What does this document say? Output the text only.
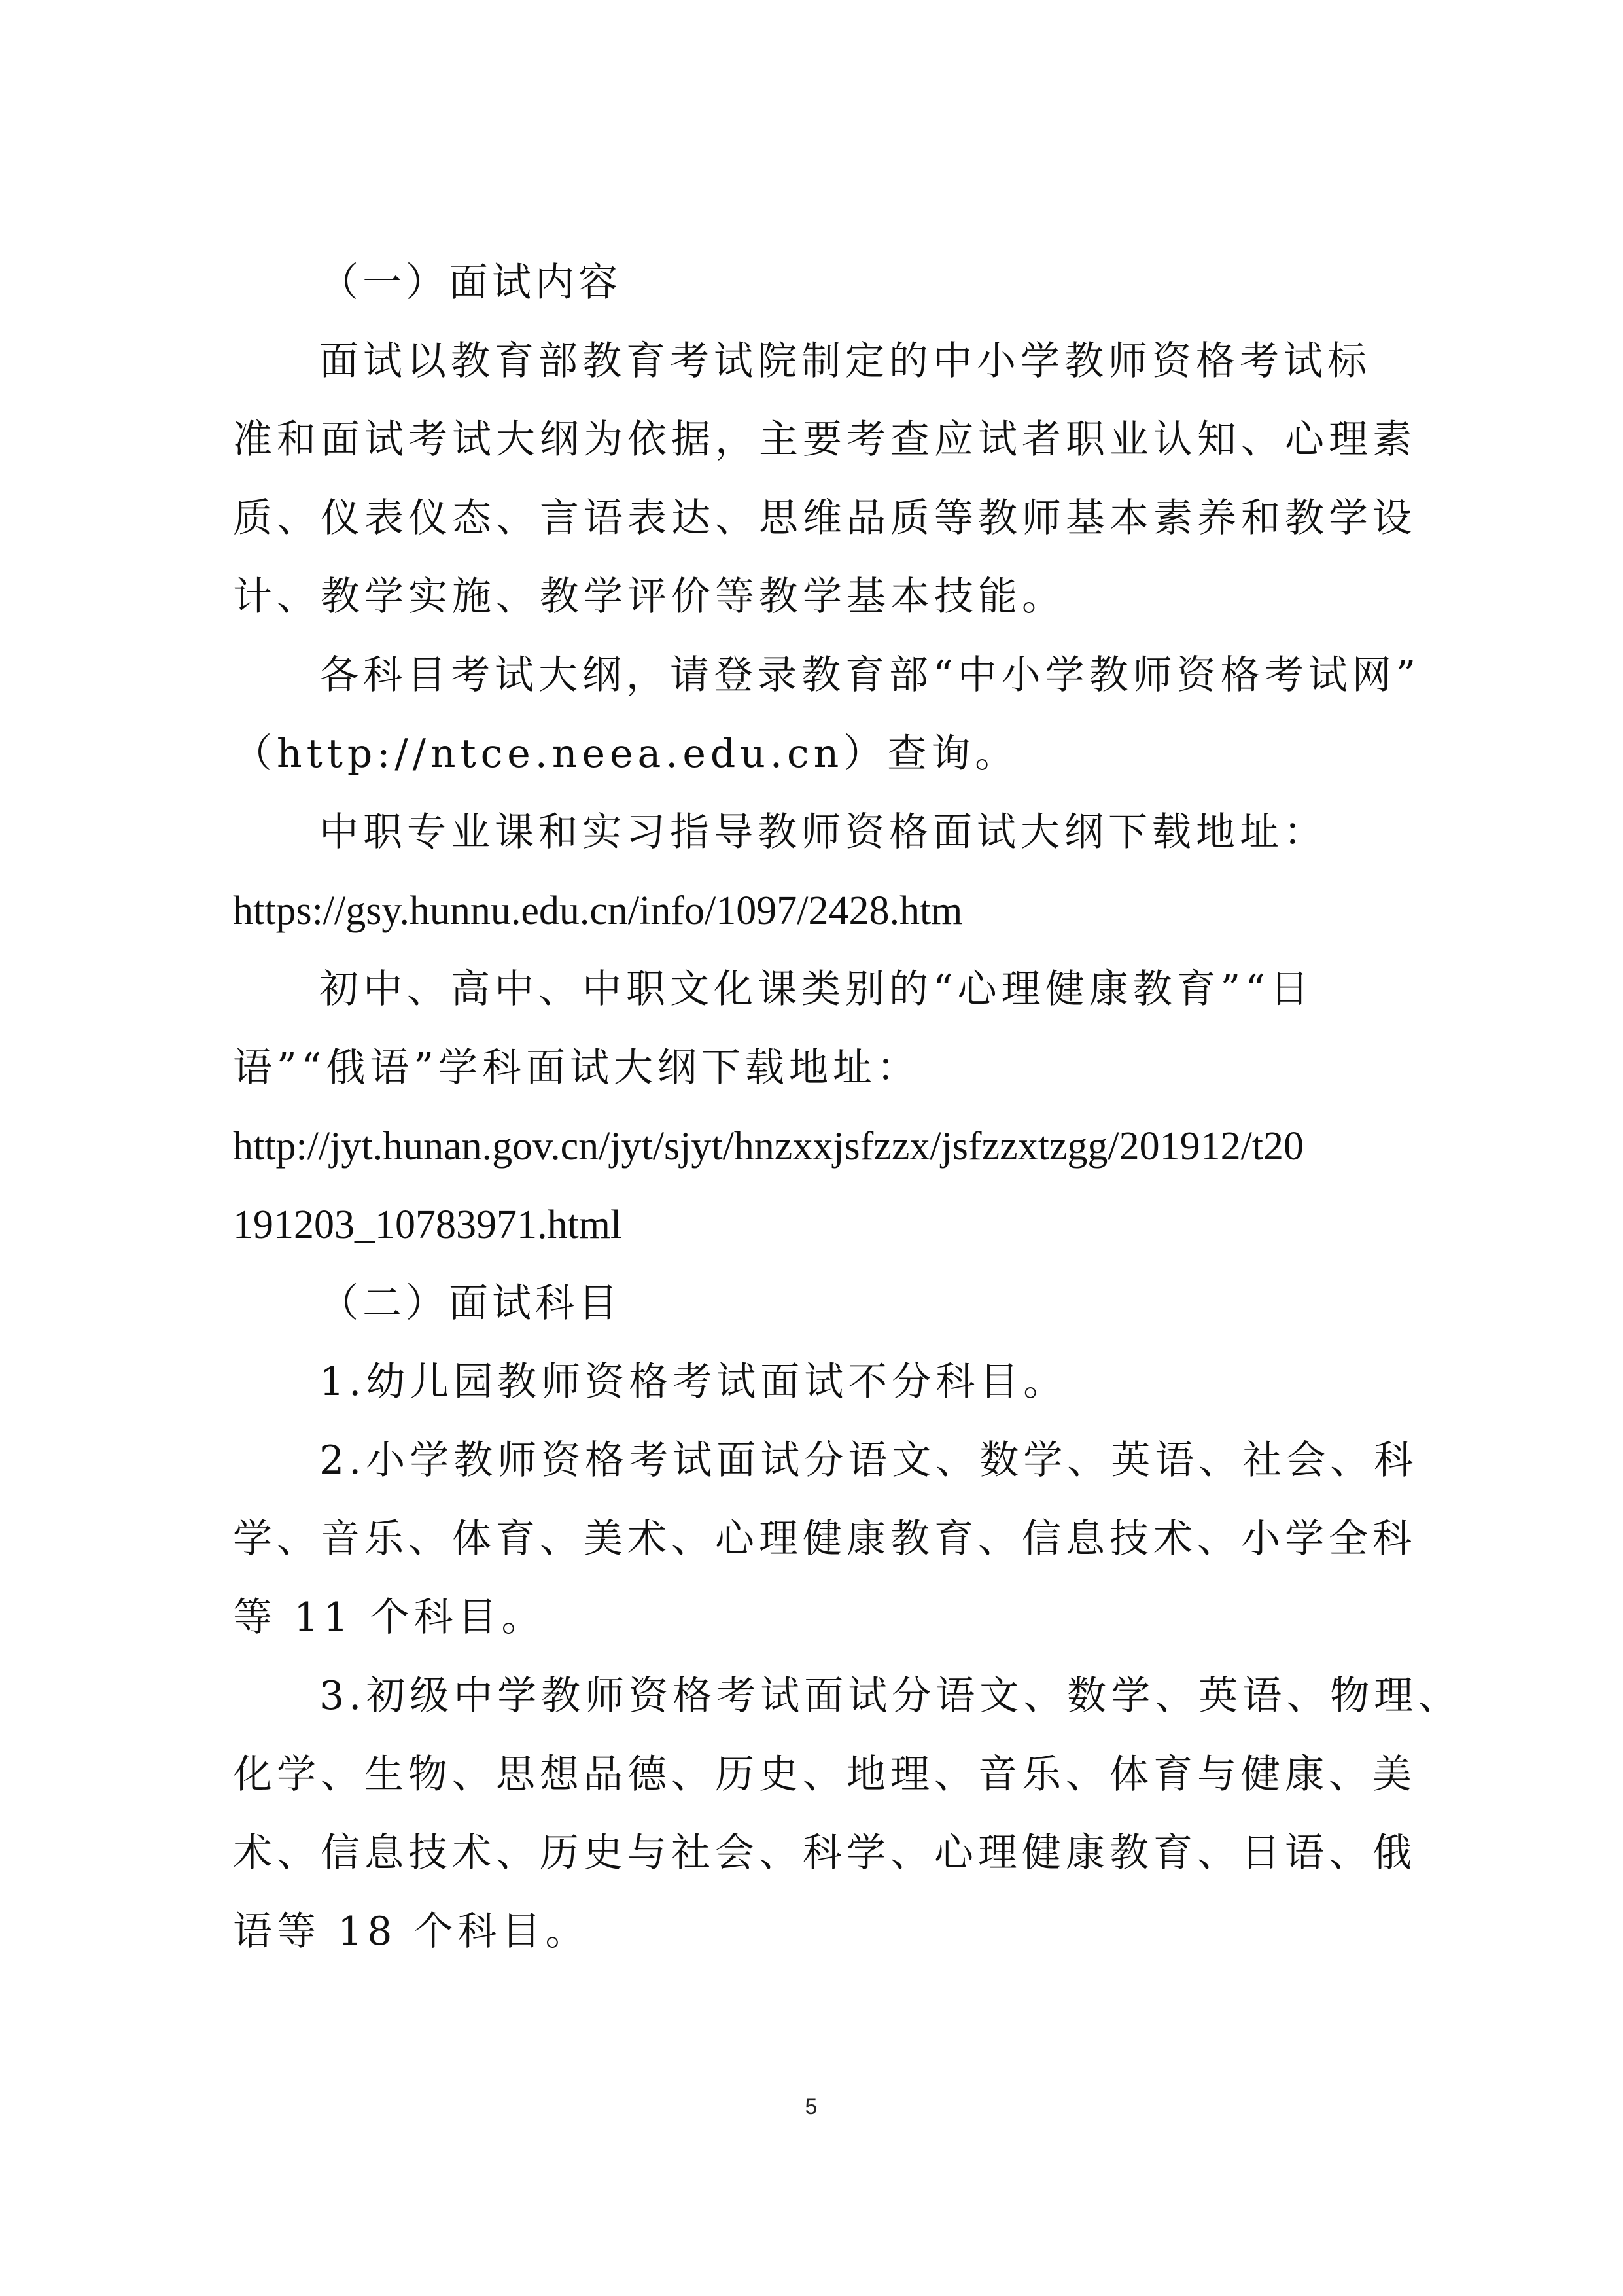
（一）面试内容
面试以教育部教育考试院制定的中小学教师资格考试标
准和面试考试大纲为依据，主要考查应试者职业认知、心理素
质、仪表仪态、言语表达、思维品质等教师基本素养和教学设
计、教学实施、教学评价等教学基本技能。
各科目考试大纲，请登录教育部“中小学教师资格考试网”
（http://ntce.neea.edu.cn）查询。
中职专业课和实习指导教师资格面试大纲下载地址：
https://gsy.hunnu.edu.cn/info/1097/2428.htm
初中、高中、中职文化课类别的“心理健康教育”“日
语”“俄语”学科面试大纲下载地址：
http://jyt.hunan.gov.cn/jyt/sjyt/hnzxxjsfzzx/jsfzzxtzgg/201912/t20
191203_10783971.html
（二）面试科目
1.幼儿园教师资格考试面试不分科目。
2.小学教师资格考试面试分语文、数学、英语、社会、科
学、音乐、体育、美术、心理健康教育、信息技术、小学全科
等 11 个科目。
3.初级中学教师资格考试面试分语文、数学、英语、物理、
化学、生物、思想品德、历史、地理、音乐、体育与健康、美
术、信息技术、历史与社会、科学、心理健康教育、日语、俄
语等 18 个科目。
5
